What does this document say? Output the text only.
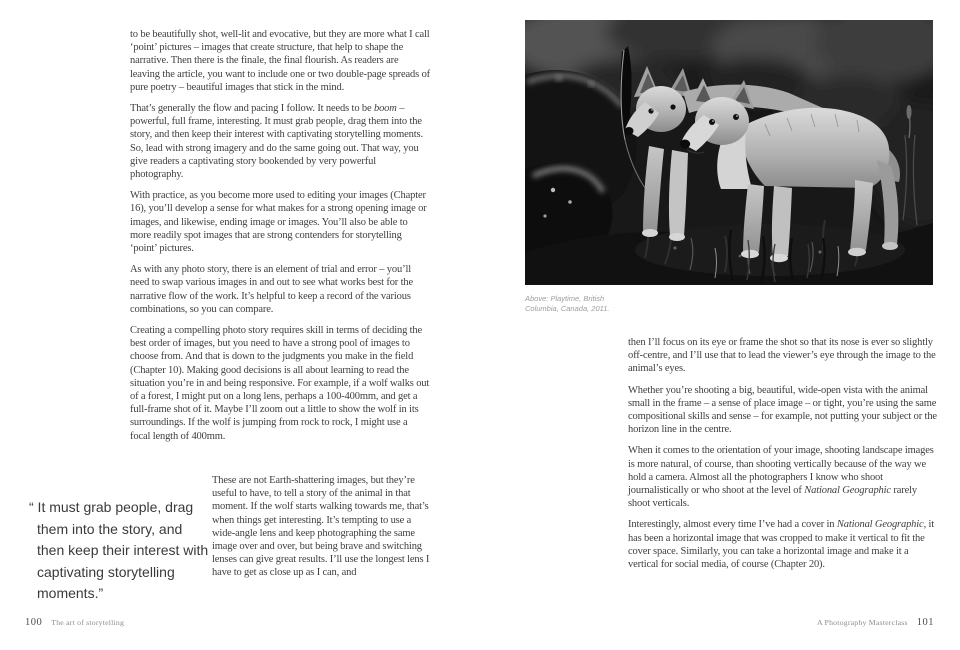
to be beautifully shot, well-lit and evocative, but they are more what I call ‘point’ pictures – images that create structure, that help to shape the narrative. Then there is the finale, the final flourish. As readers are leaving the article, you want to include one or two double-page spreads of pure poetry – beautiful images that stick in the mind.

That’s generally the flow and pacing I follow. It needs to be boom – powerful, full frame, interesting. It must grab people, drag them into the story, and then keep their interest with captivating storytelling moments. So, lead with strong imagery and do the same going out. That way, you give readers a captivating story bookended by very powerful photography.

With practice, as you become more used to editing your images (Chapter 16), you’ll develop a sense for what makes for a strong opening image or images, and likewise, ending image or images. You’ll also be able to more readily spot images that are strong contenders for storytelling ‘point’ pictures.

As with any photo story, there is an element of trial and error – you’ll need to swap various images in and out to see what works best for the narrative flow of the work. It’s helpful to keep a record of the various combinations, so you can compare.

Creating a compelling photo story requires skill in terms of deciding the best order of images, but you need to have a strong pool of images to choose from. And that is down to the judgments you make in the field (Chapter 10). Making good decisions is all about learning to read the situation you’re in and being responsive. For example, if a wolf walks out of a forest, I might put on a long lens, perhaps a 100-400mm, and get a full-frame shot of it. Maybe I’ll zoom out a little to show the wolf in its surroundings. If the wolf is jumping from rock to rock, I might use a focal length of 400mm.

“ It must grab people, drag them into the story, and then keep their interest with captivating storytelling moments.”

These are not Earth-shattering images, but they’re useful to have, to tell a story of the animal in that moment. If the wolf starts walking towards me, that’s when things get interesting. It’s tempting to use a wide-angle lens and keep photographing the same image over and over, but being brave and switching lenses can give great results. I’ll use the longest lens I have to get as close up as I can, and

100 The art of storytelling
Above: Playtime, British Columbia, Canada, 2011.

then I’ll focus on its eye or frame the shot so that its nose is ever so slightly off-centre, and I’ll use that to lead the viewer’s eye through the image to the animal’s eyes.

Whether you’re shooting a big, beautiful, wide-open vista with the animal small in the frame – a sense of place image – or tight, you’re using the same compositional skills and sense – for example, not putting your subject or the horizon line in the centre.

When it comes to the orientation of your image, shooting landscape images is more natural, of course, than shooting vertically because of the way we hold a camera. Almost all the photographers I know who shoot journalistically or who shoot at the level of National Geographic rarely shoot verticals.

Interestingly, almost every time I’ve had a cover in National Geographic, it has been a horizontal image that was cropped to make it vertical to fit the cover space. Similarly, you can take a horizontal image and make it a vertical for social media, of course (Chapter 20).

A Photography Masterclass 101
